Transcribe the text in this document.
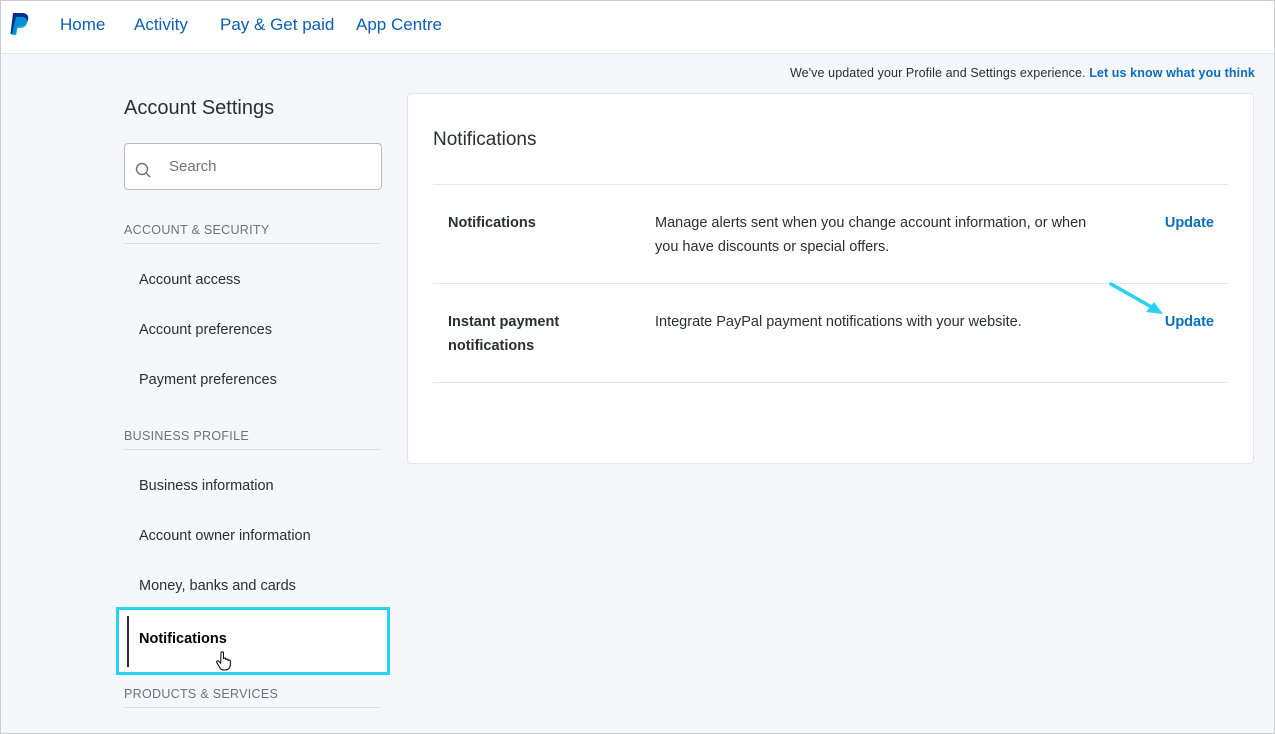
Home Activity Pay & Get paid App Centre
We've updated your Profile and Settings experience. Let us know what you think
Account Settings
Search
ACCOUNT & SECURITY
Account access
Account preferences
Payment preferences
BUSINESS PROFILE
Business information
Account owner information
Money, banks and cards
Notifications
PRODUCTS & SERVICES
Notifications
Notifications	Manage alerts sent when you change account information, or when you have discounts or special offers.
Update
Instant payment notifications
Integrate PayPal payment notifications with your website.	Update
